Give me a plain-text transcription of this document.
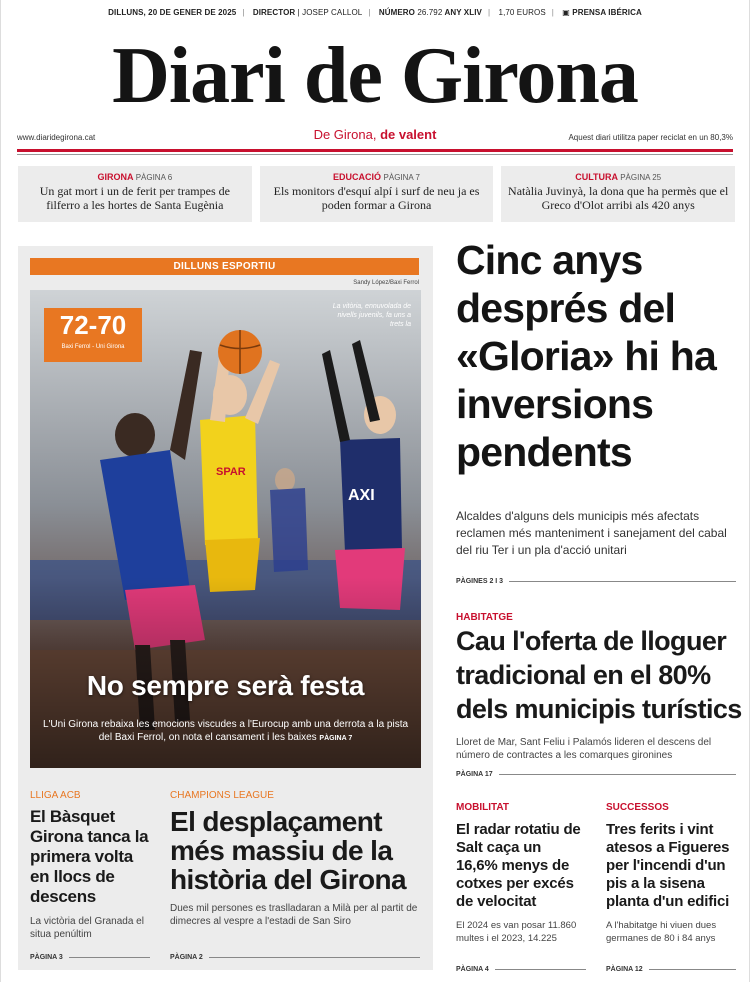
DILLUNS, 20 DE GENER DE 2025 | DIRECTOR | JOSEP CALLOL | NÚMERO 26.792 ANY XLIV | 1,70 EUROS | ▣ PRENSA IBÉRICA
Diari de Girona
www.diaridegirona.cat	De Girona, de valent	Aquest diari utilitza paper reciclat en un 80,3%
GIRONA PÀGINA 6
Un gat mort i un de ferit per trampes de filferro a les hortes de Santa Eugènia
EDUCACIÓ PÀGINA 7
Els monitors d'esquí alpí i surf de neu ja es poden formar a Girona
CULTURA PÀGINA 25
Natàlia Juvinyà, la dona que ha permès que el Greco d'Olot arribi als 420 anys
DILLUNS ESPORTIU
Sandy López/Baxi Ferrol
72-70
Baxi Ferrol - Uni Girona
La vitòria, ennuvolada de nivells juvenils, fa uns a trets la
No sempre serà festa
L'Uni Girona rebaixa les emocions viscudes a l'Eurocup amb una derrota a la pista del Baxi Ferrol, on nota el cansament i les baixes PÀGINA 7
LLIGA ACB
El Bàsquet Girona tanca la primera volta en llocs de descens
La victòria del Granada el situa penúltim
PÀGINA 3
CHAMPIONS LEAGUE
El desplaçament més massiu de la història del Girona
Dues mil persones es traslladaran a Milà per al partit de dimecres al vespre a l'estadi de San Siro
PÀGINA 2
Cinc anys després del «Gloria» hi ha inversions pendents
Alcaldes d'alguns dels municipis més afectats reclamen més manteniment i sanejament del cabal del riu Ter i un pla d'acció unitari
PÀGINES 2 I 3
HABITATGE
Cau l'oferta de lloguer tradicional en el 80% dels municipis turístics
Lloret de Mar, Sant Feliu i Palamós lideren el descens del número de contractes a les comarques gironines
PÀGINA 17
MOBILITAT
El radar rotatiu de Salt caça un 16,6% menys de cotxes per excés de velocitat
El 2024 es van posar 11.860 multes i el 2023, 14.225
PÀGINA 4
SUCCESSOS
Tres ferits i vint atesos a Figueres per l'incendi d'un pis a la sisena planta d'un edifici
A l'habitatge hi viuen dues germanes de 80 i 84 anys
PÀGINA 12
